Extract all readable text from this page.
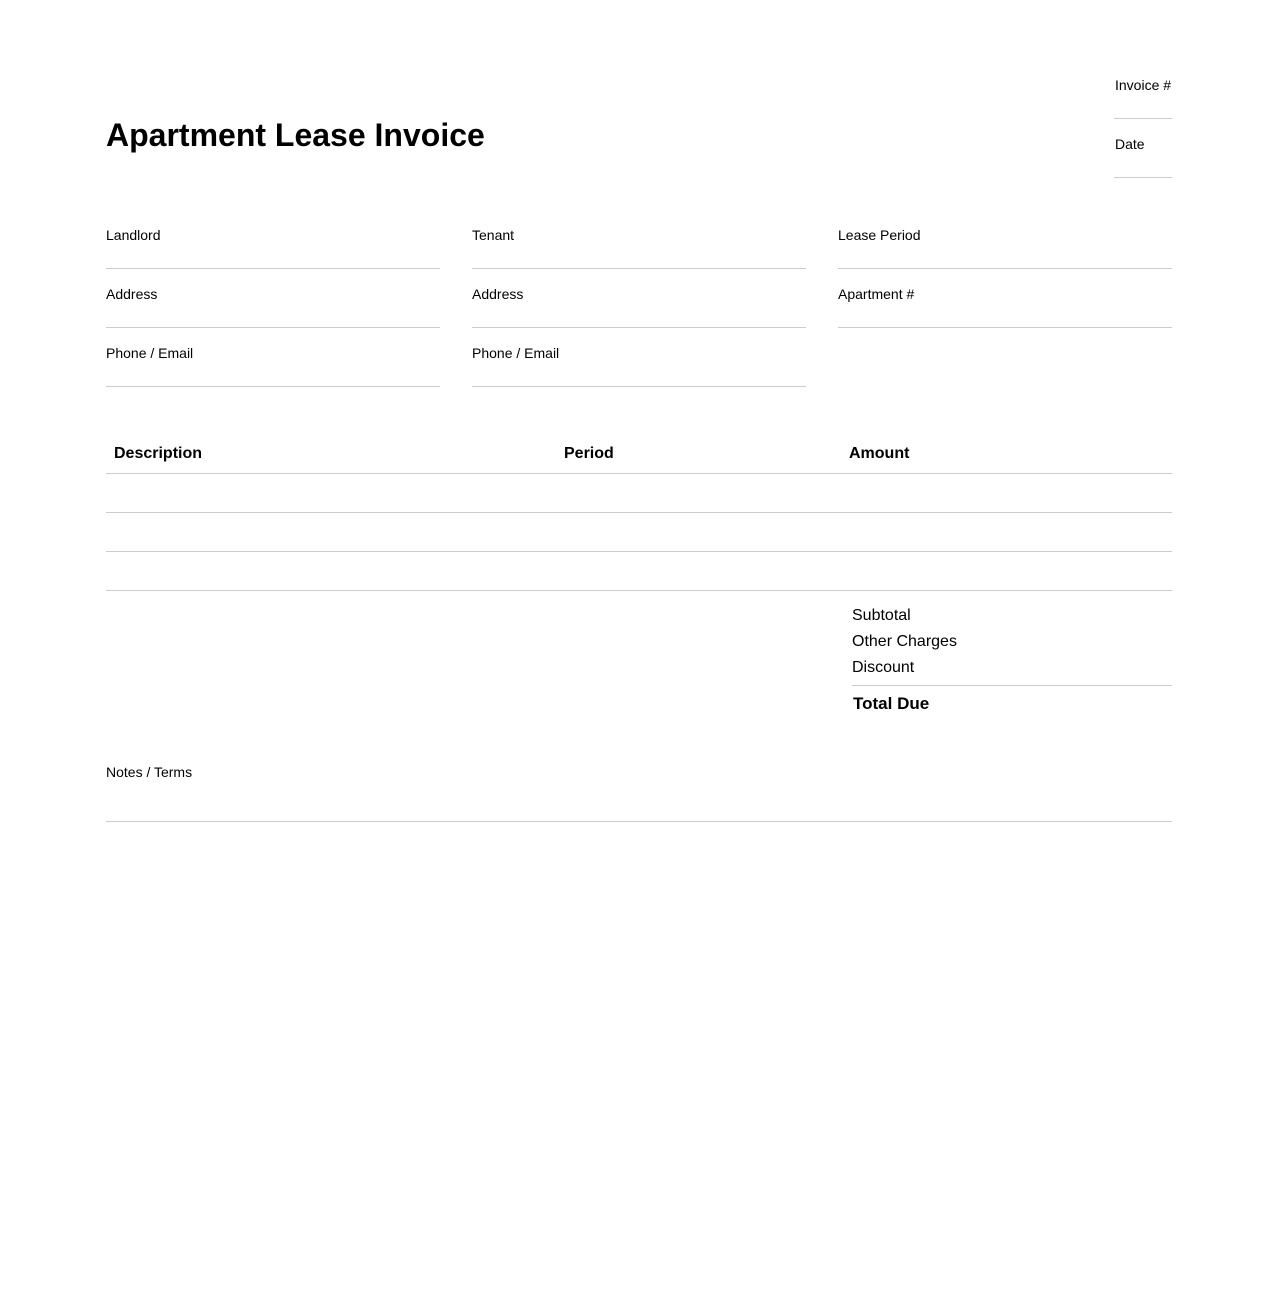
Apartment Lease Invoice
Invoice #
Date
Landlord
Address
Phone / Email
Tenant
Address
Phone / Email
Lease Period
Apartment #
Description	Period	Amount
Subtotal
Other Charges
Discount
Total Due
Notes / Terms
